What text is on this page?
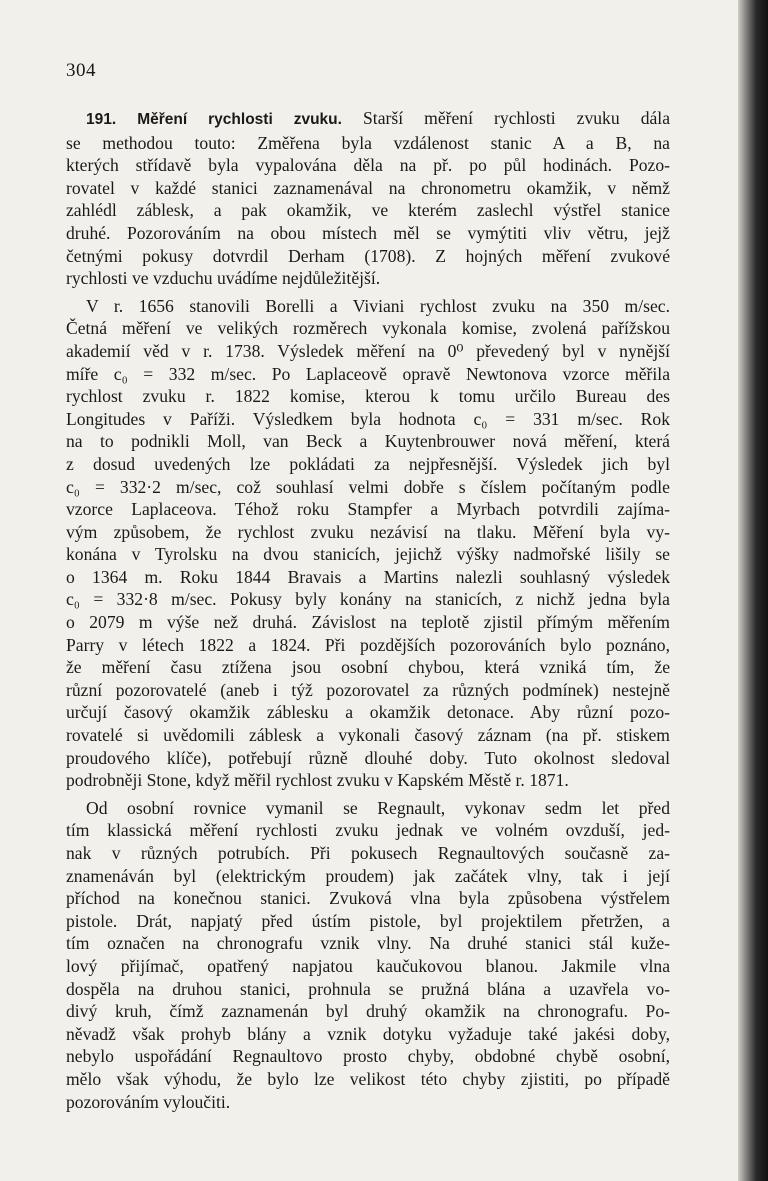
304

191. Měření rychlosti zvuku. Starší měření rychlosti zvuku dála
se methodou touto: Změřena byla vzdálenost stanic A a B, na
kterých střídavě byla vypalována děla na př. po půl hodinách. Pozo-
rovatel v každé stanici zaznamenával na chronometru okamžik, v němž
zahlédl záblesk, a pak okamžik, ve kterém zaslechl výstřel stanice
druhé. Pozorováním na obou místech měl se vymýtiti vliv větru, jejž
četnými pokusy dotvrdil Derham (1708). Z hojných měření zvukové
rychlosti ve vzduchu uvádíme nejdůležitější.

V r. 1656 stanovili Borelli a Viviani rychlost zvuku na 350 m/sec.
Četná měření ve velikých rozměrech vykonala komise, zvolená pařížskou
akademií věd v r. 1738. Výsledek měření na 0⁰ převedený byl v nynější
míře c₀ = 332 m/sec. Po Laplaceově opravě Newtonova vzorce měřila
rychlost zvuku r. 1822 komise, kterou k tomu určilo Bureau des
Longitudes v Paříži. Výsledkem byla hodnota c₀ = 331 m/sec. Rok
na to podnikli Moll, van Beck a Kuytenbrouwer nová měření, která
z dosud uvedených lze pokládati za nejpřesnější. Výsledek jich byl
c₀ = 332·2 m/sec, což souhlasí velmi dobře s číslem počítaným podle
vzorce Laplaceova. Téhož roku Stampfer a Myrbach potvrdili zajíma-
vým způsobem, že rychlost zvuku nezávisí na tlaku. Měření byla vy-
konána v Tyrolsku na dvou stanicích, jejichž výšky nadmořské lišily se
o 1364 m. Roku 1844 Bravais a Martins nalezli souhlasný výsledek
c₀ = 332·8 m/sec. Pokusy byly konány na stanicích, z nichž jedna byla
o 2079 m výše než druhá. Závislost na teplotě zjistil přímým měřením
Parry v létech 1822 a 1824. Při pozdějších pozorováních bylo poznáno,
že měření času ztížena jsou osobní chybou, která vzniká tím, že
různí pozorovatelé (aneb i týž pozorovatel za různých podmínek) nestejně
určují časový okamžik záblesku a okamžik detonace. Aby různí pozo-
rovatelé si uvědomili záblesk a vykonali časový záznam (na př. stiskem
proudového klíče), potřebují různě dlouhé doby. Tuto okolnost sledoval
podrobněji Stone, když měřil rychlost zvuku v Kapském Městě r. 1871.

Od osobní rovnice vymanil se Regnault, vykonav sedm let před
tím klassická měření rychlosti zvuku jednak ve volném ovzduší, jed-
nak v různých potrubích. Při pokusech Regnaultových současně za-
znamenáván byl (elektrickým proudem) jak začátek vlny, tak i její
příchod na konečnou stanici. Zvuková vlna byla způsobena výstřelem
pistole. Drát, napjatý před ústím pistole, byl projektilem přetržen, a
tím označen na chronografu vznik vlny. Na druhé stanici stál kuže-
lový přijímač, opatřený napjatou kaučukovou blanou. Jakmile vlna
dospěla na druhou stanici, prohnula se pružná blána a uzavřela vo-
divý kruh, čímž zaznamenán byl druhý okamžik na chronografu. Po-
něvadž však prohyb blány a vznik dotyku vyžaduje také jakési doby,
nebylo uspořádání Regnaultovo prosto chyby, obdobné chybě osobní,
mělo však výhodu, že bylo lze velikost této chyby zjistiti, po případě
pozorováním vyloučiti.
